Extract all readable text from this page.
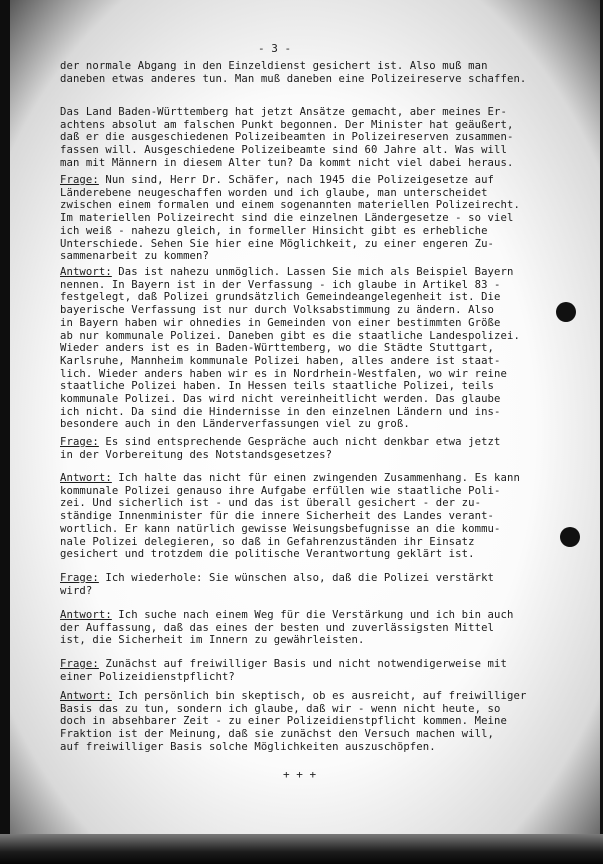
- 3 -
der normale Abgang in den Einzeldienst gesichert ist. Also muß man
daneben etwas anderes tun. Man muß daneben eine Polizeireserve schaffen.
Das Land Baden-Württemberg hat jetzt Ansätze gemacht, aber meines Er-
achtens absolut am falschen Punkt begonnen. Der Minister hat geäußert,
daß er die ausgeschiedenen Polizeibeamten in Polizeireserven zusammen-
fassen will. Ausgeschiedene Polizeibeamte sind 60 Jahre alt. Was will
man mit Männern in diesem Alter tun? Da kommt nicht viel dabei heraus.
Frage: Nun sind, Herr Dr. Schäfer, nach 1945 die Polizeigesetze auf
Länderebene neugeschaffen worden und ich glaube, man unterscheidet
zwischen einem formalen und einem sogenannten materiellen Polizeirecht.
Im materiellen Polizeirecht sind die einzelnen Ländergesetze - so viel
ich weiß - nahezu gleich, in formeller Hinsicht gibt es erhebliche
Unterschiede. Sehen Sie hier eine Möglichkeit, zu einer engeren Zu-
sammenarbeit zu kommen?
Antwort: Das ist nahezu unmöglich. Lassen Sie mich als Beispiel Bayern
nennen. In Bayern ist in der Verfassung - ich glaube in Artikel 83 -
festgelegt, daß Polizei grundsätzlich Gemeindeangelegenheit ist. Die
bayerische Verfassung ist nur durch Volksabstimmung zu ändern. Also
in Bayern haben wir ohnedies in Gemeinden von einer bestimmten Größe
ab nur kommunale Polizei. Daneben gibt es die staatliche Landespolizei.
Wieder anders ist es in Baden-Württemberg, wo die Städte Stuttgart,
Karlsruhe, Mannheim kommunale Polizei haben, alles andere ist staat-
lich. Wieder anders haben wir es in Nordrhein-Westfalen, wo wir reine
staatliche Polizei haben. In Hessen teils staatliche Polizei, teils
kommunale Polizei. Das wird nicht vereinheitlicht werden. Das glaube
ich nicht. Da sind die Hindernisse in den einzelnen Ländern und ins-
besondere auch in den Länderverfassungen viel zu groß.
Frage: Es sind entsprechende Gespräche auch nicht denkbar etwa jetzt
in der Vorbereitung des Notstandsgesetzes?
Antwort: Ich halte das nicht für einen zwingenden Zusammenhang. Es kann
kommunale Polizei genauso ihre Aufgabe erfüllen wie staatliche Poli-
zei. Und sicherlich ist - und das ist überall gesichert - der zu-
ständige Innenminister für die innere Sicherheit des Landes verant-
wortlich. Er kann natürlich gewisse Weisungsbefugnisse an die kommu-
nale Polizei delegieren, so daß in Gefahrenzuständen ihr Einsatz
gesichert und trotzdem die politische Verantwortung geklärt ist.
Frage: Ich wiederhole: Sie wünschen also, daß die Polizei verstärkt
wird?
Antwort: Ich suche nach einem Weg für die Verstärkung und ich bin auch
der Auffassung, daß das eines der besten und zuverlässigsten Mittel
ist, die Sicherheit im Innern zu gewährleisten.
Frage: Zunächst auf freiwilliger Basis und nicht notwendigerweise mit
einer Polizeidienstpflicht?
Antwort: Ich persönlich bin skeptisch, ob es ausreicht, auf freiwilliger
Basis das zu tun, sondern ich glaube, daß wir - wenn nicht heute, so
doch in absehbarer Zeit - zu einer Polizeidienstpflicht kommen. Meine
Fraktion ist der Meinung, daß sie zunächst den Versuch machen will,
auf freiwilliger Basis solche Möglichkeiten auszuschöpfen.
+ + +
